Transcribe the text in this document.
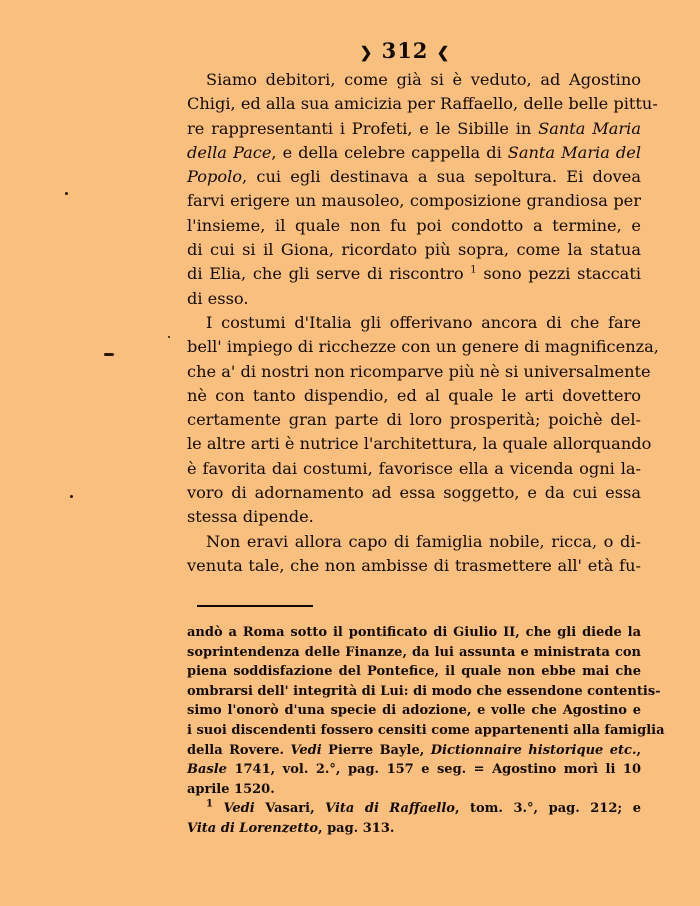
❯ 312 ❮
Siamo debitori, come già si è veduto, ad Agostino
Chigi, ed alla sua amicizia per Raffaello, delle belle pittu-
re rappresentanti i Profeti, e le Sibille in Santa Maria
della Pace, e della celebre cappella di Santa Maria del
Popolo, cui egli destinava a sua sepoltura. Ei dovea
farvi erigere un mausoleo, composizione grandiosa per
l'insieme, il quale non fu poi condotto a termine, e
di cui si il Giona, ricordato più sopra, come la statua
di Elia, che gli serve di riscontro $^1$ sono pezzi staccati
di esso.
I costumi d'Italia gli offerivano ancora di che fare
bell' impiego di ricchezze con un genere di magnificenza,
che a' di nostri non ricomparve più nè si universalmente
nè con tanto dispendio, ed al quale le arti dovettero
certamente gran parte di loro prosperità; poichè del-
le altre arti è nutrice l'architettura, la quale allorquando
è favorita dai costumi, favorisce ella a vicenda ogni la-
voro di adornamento ad essa soggetto, e da cui essa
stessa dipende.
Non eravi allora capo di famiglia nobile, ricca, o di-
venuta tale, che non ambisse di trasmettere all' età fu-
andò a Roma sotto il pontificato di Giulio II, che gli diede la
soprintendenza delle Finanze, da lui assunta e ministrata con
piena soddisfazione del Pontefice, il quale non ebbe mai che
ombrarsi dell' integrità di Lui: di modo che essendone contentis-
simo l'onorò d'una specie di adozione, e volle che Agostino e
i suoi discendenti fossero censiti come appartenenti alla famiglia
della Rovere. Vedi Pierre Bayle, Dictionnaire historique etc.,
Basle 1741, vol. 2.°, pag. 157 e seg. = Agostino morì li 10
aprile 1520.
$^1$ Vedi Vasari, Vita di Raffaello, tom. 3.°, pag. 212; e
Vita di Lorenzetto, pag. 313.
